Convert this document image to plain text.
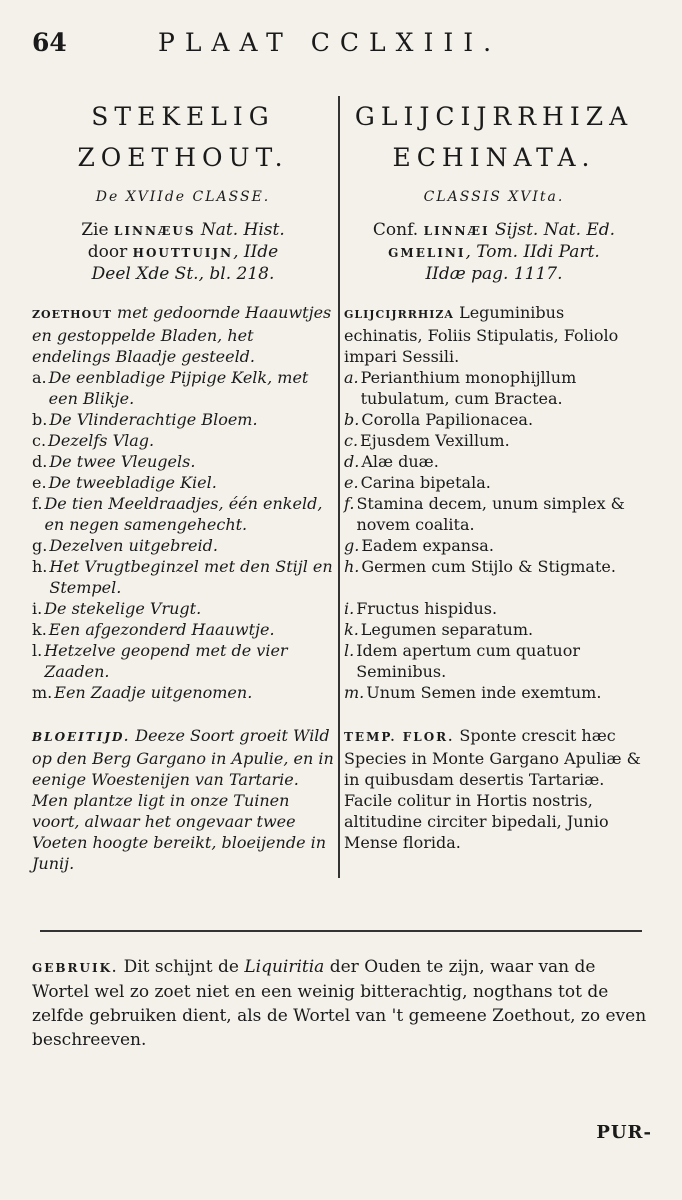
64	PLAAT CCLXIII.
STEKELIG
ZOETHOUT.
De XVIIde CLASSE.
Zie LINNÆUS Nat. Hist.
door HOUTTUIJN, IIde
Deel Xde St., bl. 218.
ZOETHOUT met gedoornde Haauwtjes en gestoppelde Bladen, het endelings Blaadje gesteeld.
a. De eenbladige Pijpige Kelk, met een Blikje.
b. De Vlinderachtige Bloem.
c. Dezelfs Vlag.
d. De twee Vleugels.
e. De tweebladige Kiel.
f. De tien Meeldraadjes, één enkeld, en negen samengehecht.
g. Dezelven uitgebreid.
h. Het Vrugtbeginzel met den Stijl en Stempel.
i. De stekelige Vrugt.
k. Een afgezonderd Haauwtje.
l. Hetzelve geopend met de vier Zaaden.
m. Een Zaadje uitgenomen.
BLOEITIJD. Deeze Soort groeit Wild op den Berg Gargano in Apulie, en in eenige Woestenijen van Tartarie. Men plantze ligt in onze Tuinen voort, alwaar het ongevaar twee Voeten hoogte bereikt, bloeijende in Junij.
GLIJCIJRRHIZA
ECHINATA.
CLASSIS XVIta.
Conf. LINNÆI Sijst. Nat. Ed.
GMELINI, Tom. IIdi Part.
IIdæ pag. 1117.
GLIJCIJRRHIZA Leguminibus echinatis, Foliis Stipulatis, Foliolo impari Sessili.
a. Perianthium monophijllum tubulatum, cum Bractea.
b. Corolla Papilionacea.
c. Ejusdem Vexillum.
d. Alæ duæ.
e. Carina bipetala.
f. Stamina decem, unum simplex & novem coalita.
g. Eadem expansa.
h. Germen cum Stijlo & Stigmate.
i. Fructus hispidus.
k. Legumen separatum.
l. Idem apertum cum quatuor Seminibus.
m. Unum Semen inde exemtum.
TEMP. FLOR. Sponte crescit hæc Species in Monte Gargano Apuliæ & in quibusdam desertis Tartariæ. Facile colitur in Hortis nostris, altitudine circiter bipedali, Junio Mense florida.
GEBRUIK. Dit schijnt de Liquiritia der Ouden te zijn, waar van de Wortel wel zo zoet niet en een weinig bitterachtig, nogthans tot de zelfde gebruiken dient, als de Wortel van 't gemeene Zoethout, zo even beschreeven.
PUR-
